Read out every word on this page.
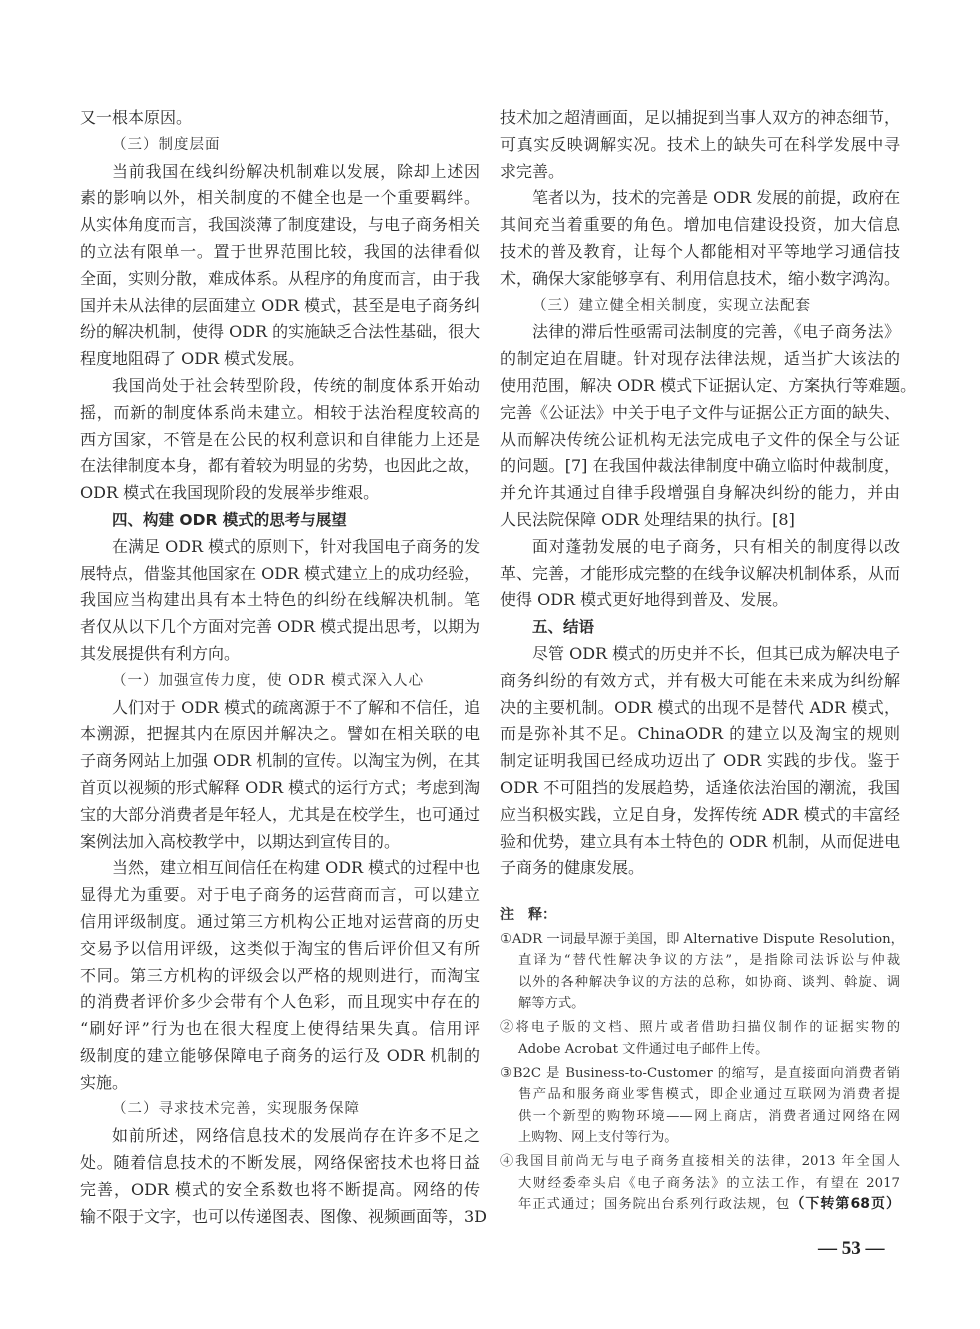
又一根本原因。
（三）制度层面
当前我国在线纠纷解决机制难以发展，除却上述因
素的影响以外，相关制度的不健全也是一个重要羁绊。
从实体角度而言，我国淡薄了制度建设，与电子商务相关
的立法有限单一。置于世界范围比较，我国的法律看似
全面，实则分散，难成体系。从程序的角度而言，由于我
国并未从法律的层面建立 ODR 模式，甚至是电子商务纠
纷的解决机制，使得 ODR 的实施缺乏合法性基础，很大
程度地阻碍了 ODR 模式发展。
我国尚处于社会转型阶段，传统的制度体系开始动
摇，而新的制度体系尚未建立。相较于法治程度较高的
西方国家，不管是在公民的权利意识和自律能力上还是
在法律制度本身，都有着较为明显的劣势，也因此之故，
ODR 模式在我国现阶段的发展举步维艰。
四、构建 ODR 模式的思考与展望
在满足 ODR 模式的原则下，针对我国电子商务的发
展特点，借鉴其他国家在 ODR 模式建立上的成功经验，
我国应当构建出具有本土特色的纠纷在线解决机制。笔
者仅从以下几个方面对完善 ODR 模式提出思考，以期为
其发展提供有利方向。
（一）加强宣传力度，使 ODR 模式深入人心
人们对于 ODR 模式的疏离源于不了解和不信任，追
本溯源，把握其内在原因并解决之。譬如在相关联的电
子商务网站上加强 ODR 机制的宣传。以淘宝为例，在其
首页以视频的形式解释 ODR 模式的运行方式；考虑到淘
宝的大部分消费者是年轻人，尤其是在校学生，也可通过
案例法加入高校教学中，以期达到宣传目的。
当然，建立相互间信任在构建 ODR 模式的过程中也
显得尤为重要。对于电子商务的运营商而言，可以建立
信用评级制度。通过第三方机构公正地对运营商的历史
交易予以信用评级，这类似于淘宝的售后评价但又有所
不同。第三方机构的评级会以严格的规则进行，而淘宝
的消费者评价多少会带有个人色彩，而且现实中存在的
“刷好评”行为也在很大程度上使得结果失真。信用评
级制度的建立能够保障电子商务的运行及 ODR 机制的
实施。
（二）寻求技术完善，实现服务保障
如前所述，网络信息技术的发展尚存在许多不足之
处。随着信息技术的不断发展，网络保密技术也将日益
完善，ODR 模式的安全系数也将不断提高。网络的传
输不限于文字，也可以传递图表、图像、视频画面等，3D
技术加之超清画面，足以捕捉到当事人双方的神态细节，
可真实反映调解实况。技术上的缺失可在科学发展中寻
求完善。
笔者以为，技术的完善是 ODR 发展的前提，政府在
其间充当着重要的角色。增加电信建设投资，加大信息
技术的普及教育，让每个人都能相对平等地学习通信技
术，确保大家能够享有、利用信息技术，缩小数字鸿沟。
（三）建立健全相关制度，实现立法配套
法律的滞后性亟需司法制度的完善，《电子商务法》
的制定迫在眉睫。针对现存法律法规，适当扩大该法的
使用范围，解决 ODR 模式下证据认定、方案执行等难题。
完善《公证法》中关于电子文件与证据公正方面的缺失、
从而解决传统公证机构无法完成电子文件的保全与公证
的问题。[7] 在我国仲裁法律制度中确立临时仲裁制度，
并允许其通过自律手段增强自身解决纠纷的能力，并由
人民法院保障 ODR 处理结果的执行。[8]
面对蓬勃发展的电子商务，只有相关的制度得以改
革、完善，才能形成完整的在线争议解决机制体系，从而
使得 ODR 模式更好地得到普及、发展。
五、结语
尽管 ODR 模式的历史并不长，但其已成为解决电子
商务纠纷的有效方式，并有极大可能在未来成为纠纷解
决的主要机制。ODR 模式的出现不是替代 ADR 模式，
而是弥补其不足。ChinaODR 的建立以及淘宝的规则
制定证明我国已经成功迈出了 ODR 实践的步伐。鉴于
ODR 不可阻挡的发展趋势，适逢依法治国的潮流，我国
应当积极实践，立足自身，发挥传统 ADR 模式的丰富经
验和优势，建立具有本土特色的 ODR 机制，从而促进电
子商务的健康发展。
注　释：
①ADR 一词最早源于美国，即 Alternative Dispute Resolution，
直译为“替代性解决争议的方法”，是指除司法诉讼与仲裁
以外的各种解决争议的方法的总称，如协商、谈判、斡旋、调
解等方式。
②将电子版的文档、照片或者借助扫描仪制作的证据实物的
Adobe Acrobat 文件通过电子邮件上传。
③B2C 是 Business-to-Customer 的缩写，是直接面向消费者销
售产品和服务商业零售模式，即企业通过互联网为消费者提
供一个新型的购物环境——网上商店，消费者通过网络在网
上购物、网上支付等行为。
④我国目前尚无与电子商务直接相关的法律，2013 年全国人
大财经委牵头启《电子商务法》的立法工作，有望在 2017
年正式通过；国务院出台系列行政法规，包（下转第68页）
— 53 —
